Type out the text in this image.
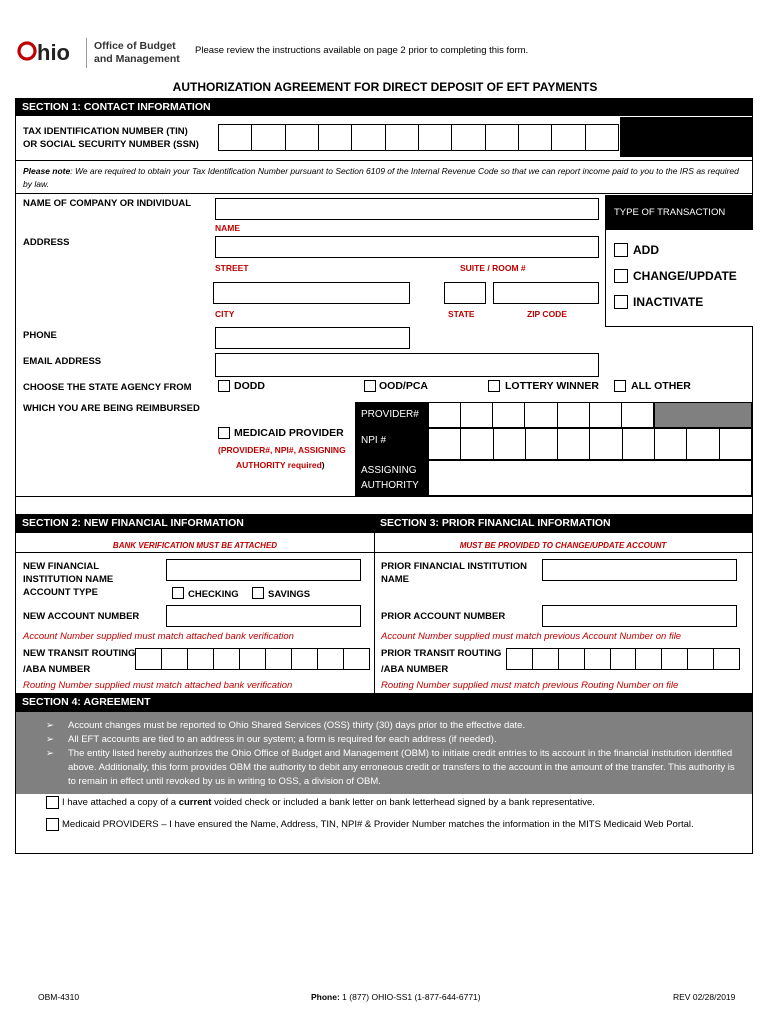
hio Office of Budget
and Management
Please review the instructions available on page 2 prior to completing this form.
AUTHORIZATION AGREEMENT FOR DIRECT DEPOSIT OF EFT PAYMENTS
SECTION 1: CONTACT INFORMATION
TAX IDENTIFICATION NUMBER (TIN)
OR SOCIAL SECURITY NUMBER (SSN)
Please note: We are required to obtain your Tax Identification Number pursuant to Section 6109 of the Internal Revenue Code so that we can report income paid to you to the IRS as required by law.
NAME OF COMPANY OR INDIVIDUAL
NAME
ADDRESS
STREET	SUITE / ROOM #
CITY	STATE	ZIP CODE
TYPE OF TRANSACTION
ADD
CHANGE/UPDATE
INACTIVATE
PHONE
EMAIL ADDRESS
CHOOSE THE STATE AGENCY FROM
WHICH YOU ARE BEING REIMBURSED
DODD	OOD/PCA	LOTTERY WINNER	ALL OTHER
MEDICAID PROVIDER
(PROVIDER#, NPI#, ASSIGNING
AUTHORITY required)
PROVIDER#
NPI #
ASSIGNING
AUTHORITY
SECTION 2: NEW FINANCIAL INFORMATION	SECTION 3: PRIOR FINANCIAL INFORMATION
BANK VERIFICATION MUST BE ATTACHED	MUST BE PROVIDED TO CHANGE/UPDATE ACCOUNT
NEW FINANCIAL
INSTITUTION NAME
ACCOUNT TYPE	CHECKING	SAVINGS
NEW ACCOUNT NUMBER
Account Number supplied must match attached bank verification
NEW TRANSIT ROUTING
/ABA NUMBER
Routing Number supplied must match attached bank verification
PRIOR FINANCIAL INSTITUTION
NAME
PRIOR ACCOUNT NUMBER
Account Number supplied must match previous Account Number on file
PRIOR TRANSIT ROUTING
/ABA NUMBER
Routing Number supplied must match previous Routing Number on file
SECTION 4: AGREEMENT
➢	Account changes must be reported to Ohio Shared Services (OSS) thirty (30) days prior to the effective date.
➢	All EFT accounts are tied to an address in our system; a form is required for each address (if needed).
➢	The entity listed hereby authorizes the Ohio Office of Budget and Management (OBM) to initiate credit entries to its account in the financial institution identified above. Additionally, this form provides OBM the authority to debit any erroneous credit or transfers to the account in the amount of the transfer. This authority is to remain in effect until revoked by us in writing to OSS, a division of OBM.
I have attached a copy of a current voided check or included a bank letter on bank letterhead signed by a bank representative.
Medicaid PROVIDERS – I have ensured the Name, Address, TIN, NPI# & Provider Number matches the information in the MITS Medicaid Web Portal.
OBM-4310	Phone: 1 (877) OHIO-SS1 (1-877-644-6771)	REV 02/28/2019
